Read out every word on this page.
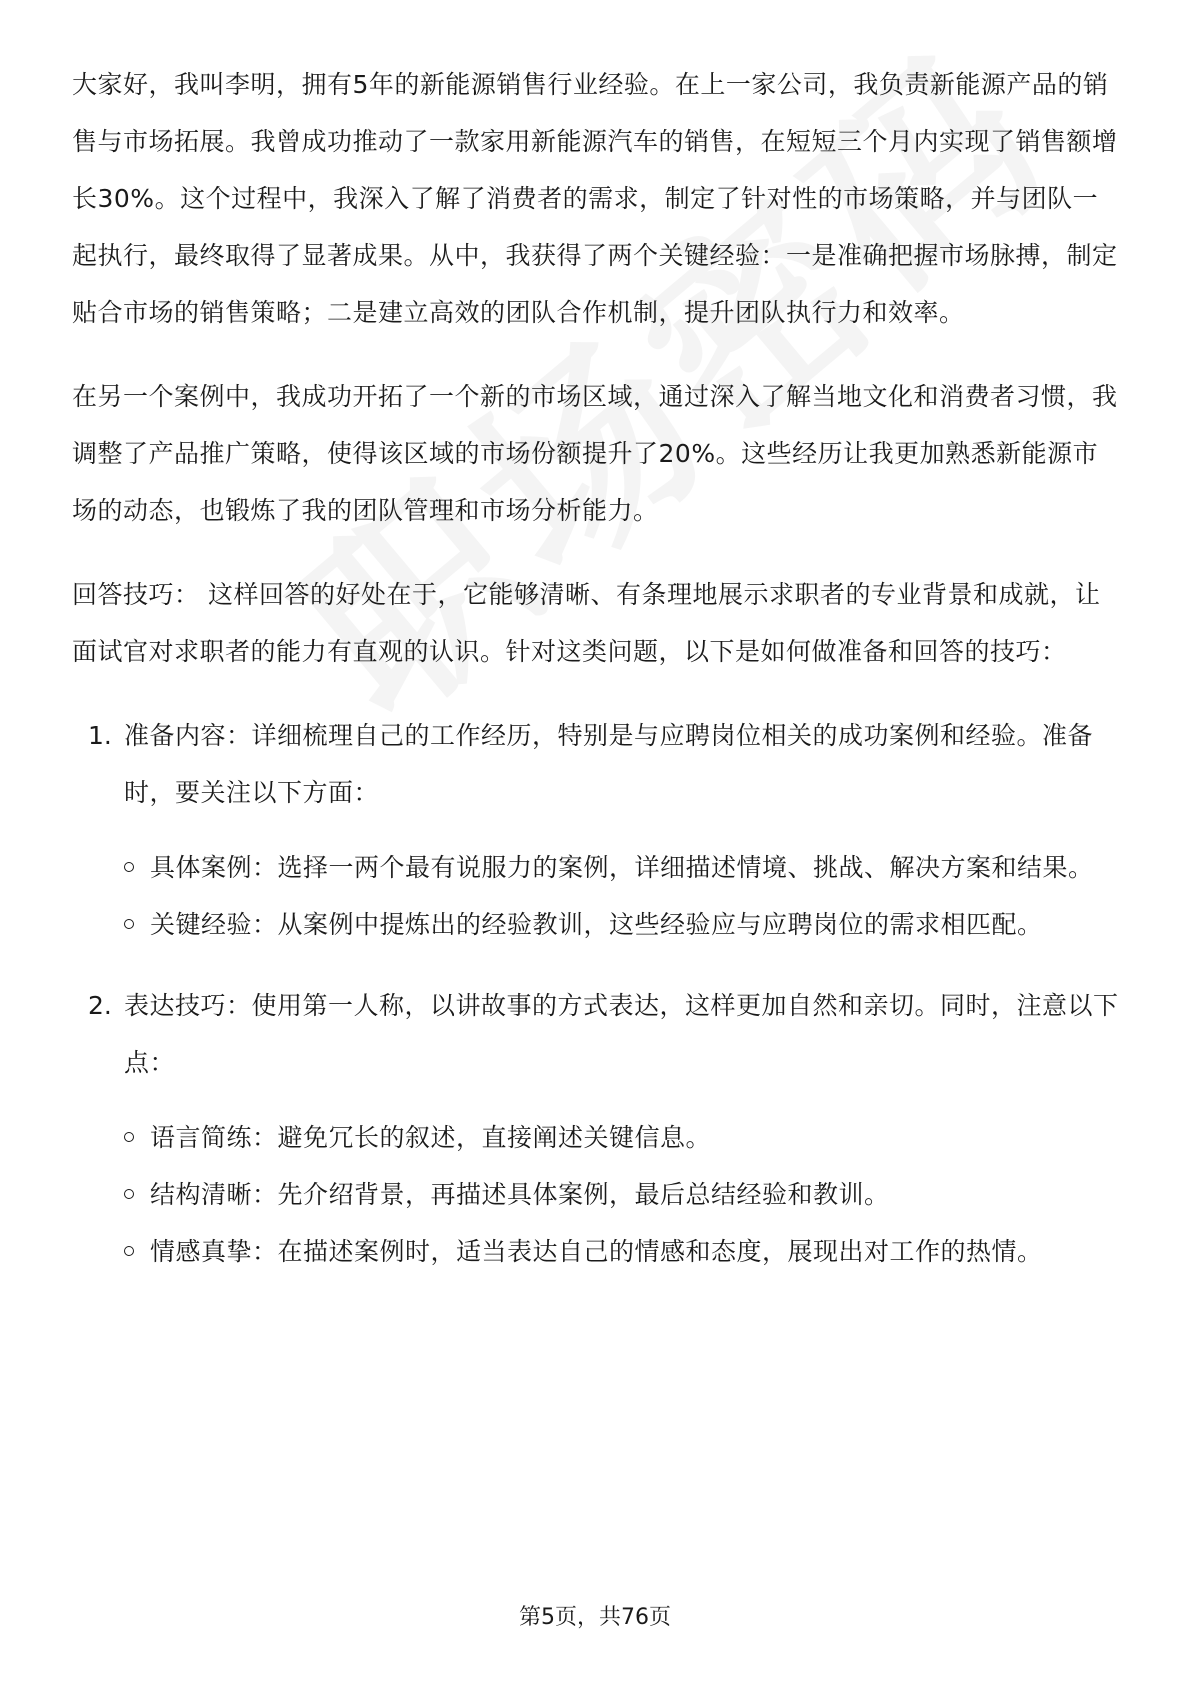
大家好，我叫李明，拥有5年的新能源销售行业经验。在上一家公司，我负责新能源产品的销售与市场拓展。我曾成功推动了一款家用新能源汽车的销售，在短短三个月内实现了销售额增长30%。这个过程中，我深入了解了消费者的需求，制定了针对性的市场策略，并与团队一起执行，最终取得了显著成果。从中，我获得了两个关键经验：一是准确把握市场脉搏，制定贴合市场的销售策略；二是建立高效的团队合作机制，提升团队执行力和效率。

在另一个案例中，我成功开拓了一个新的市场区域，通过深入了解当地文化和消费者习惯，我调整了产品推广策略，使得该区域的市场份额提升了20%。这些经历让我更加熟悉新能源市场的动态，也锻炼了我的团队管理和市场分析能力。

回答技巧： 这样回答的好处在于，它能够清晰、有条理地展示求职者的专业背景和成就，让面试官对求职者的能力有直观的认识。针对这类问题，以下是如何做准备和回答的技巧：

1. 准备内容：详细梳理自己的工作经历，特别是与应聘岗位相关的成功案例和经验。准备时，要关注以下方面：

具体案例：选择一两个最有说服力的案例，详细描述情境、挑战、解决方案和结果。
关键经验：从案例中提炼出的经验教训，这些经验应与应聘岗位的需求相匹配。
2. 表达技巧：使用第一人称，以讲故事的方式表达，这样更加自然和亲切。同时，注意以下点：

语言简练：避免冗长的叙述，直接阐述关键信息。
结构清晰：先介绍背景，再描述具体案例，最后总结经验和教训。
情感真挚：在描述案例时，适当表达自己的情感和态度，展现出对工作的热情。
第5页，共76页
